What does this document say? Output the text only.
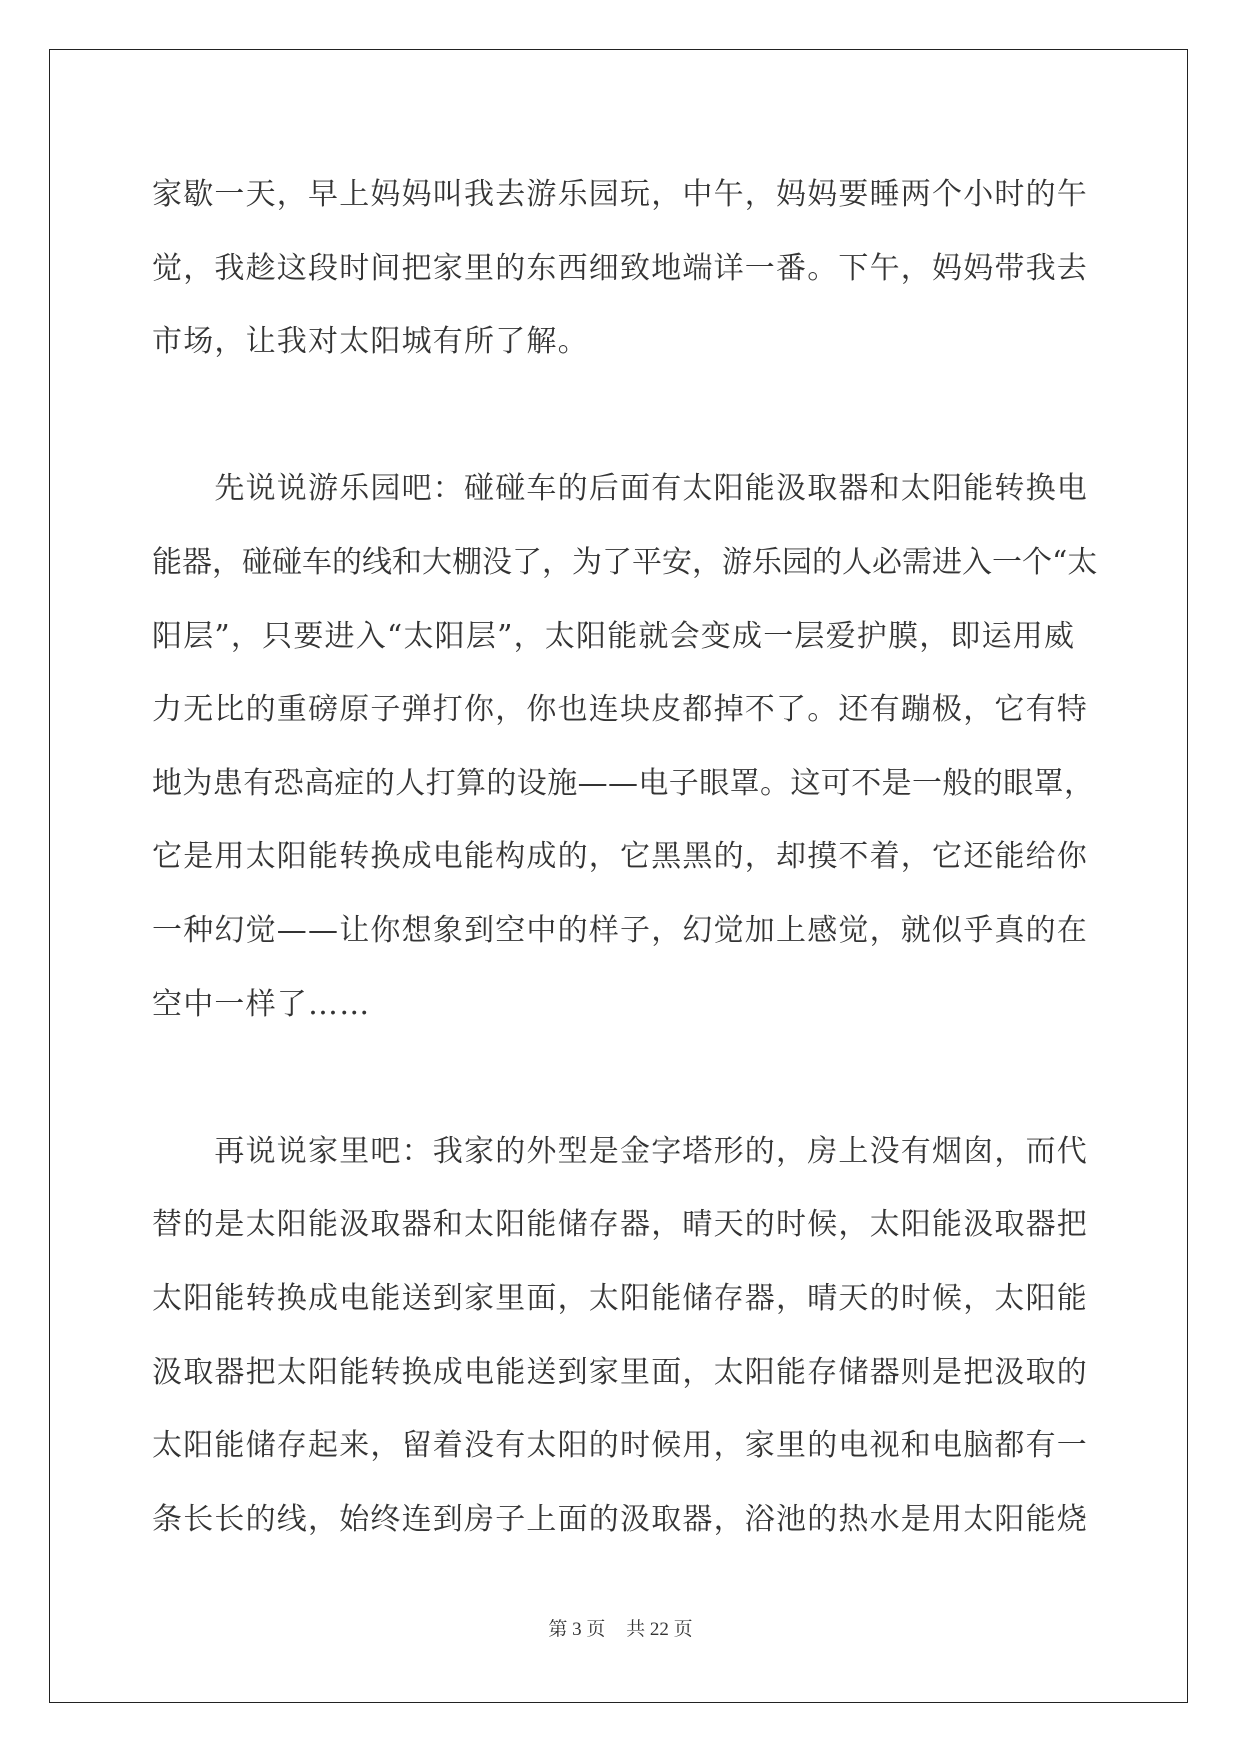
家歇一天，早上妈妈叫我去游乐园玩，中午，妈妈要睡两个小时的午
觉，我趁这段时间把家里的东西细致地端详一番。下午，妈妈带我去
市场，让我对太阳城有所了解。
　　先说说游乐园吧：碰碰车的后面有太阳能汲取器和太阳能转换电
能器，碰碰车的线和大棚没了，为了平安，游乐园的人必需进入一个“太
阳层”，只要进入“太阳层”，太阳能就会变成一层爱护膜，即运用威
力无比的重磅原子弹打你，你也连块皮都掉不了。还有蹦极，它有特
地为患有恐高症的人打算的设施——电子眼罩。这可不是一般的眼罩，
它是用太阳能转换成电能构成的，它黑黑的，却摸不着，它还能给你
一种幻觉——让你想象到空中的样子，幻觉加上感觉，就似乎真的在
空中一样了……
　　再说说家里吧：我家的外型是金字塔形的，房上没有烟囱，而代
替的是太阳能汲取器和太阳能储存器，晴天的时候，太阳能汲取器把
太阳能转换成电能送到家里面，太阳能储存器，晴天的时候，太阳能
汲取器把太阳能转换成电能送到家里面，太阳能存储器则是把汲取的
太阳能储存起来，留着没有太阳的时候用，家里的电视和电脑都有一
条长长的线，始终连到房子上面的汲取器，浴池的热水是用太阳能烧
第 3 页 共 22 页
